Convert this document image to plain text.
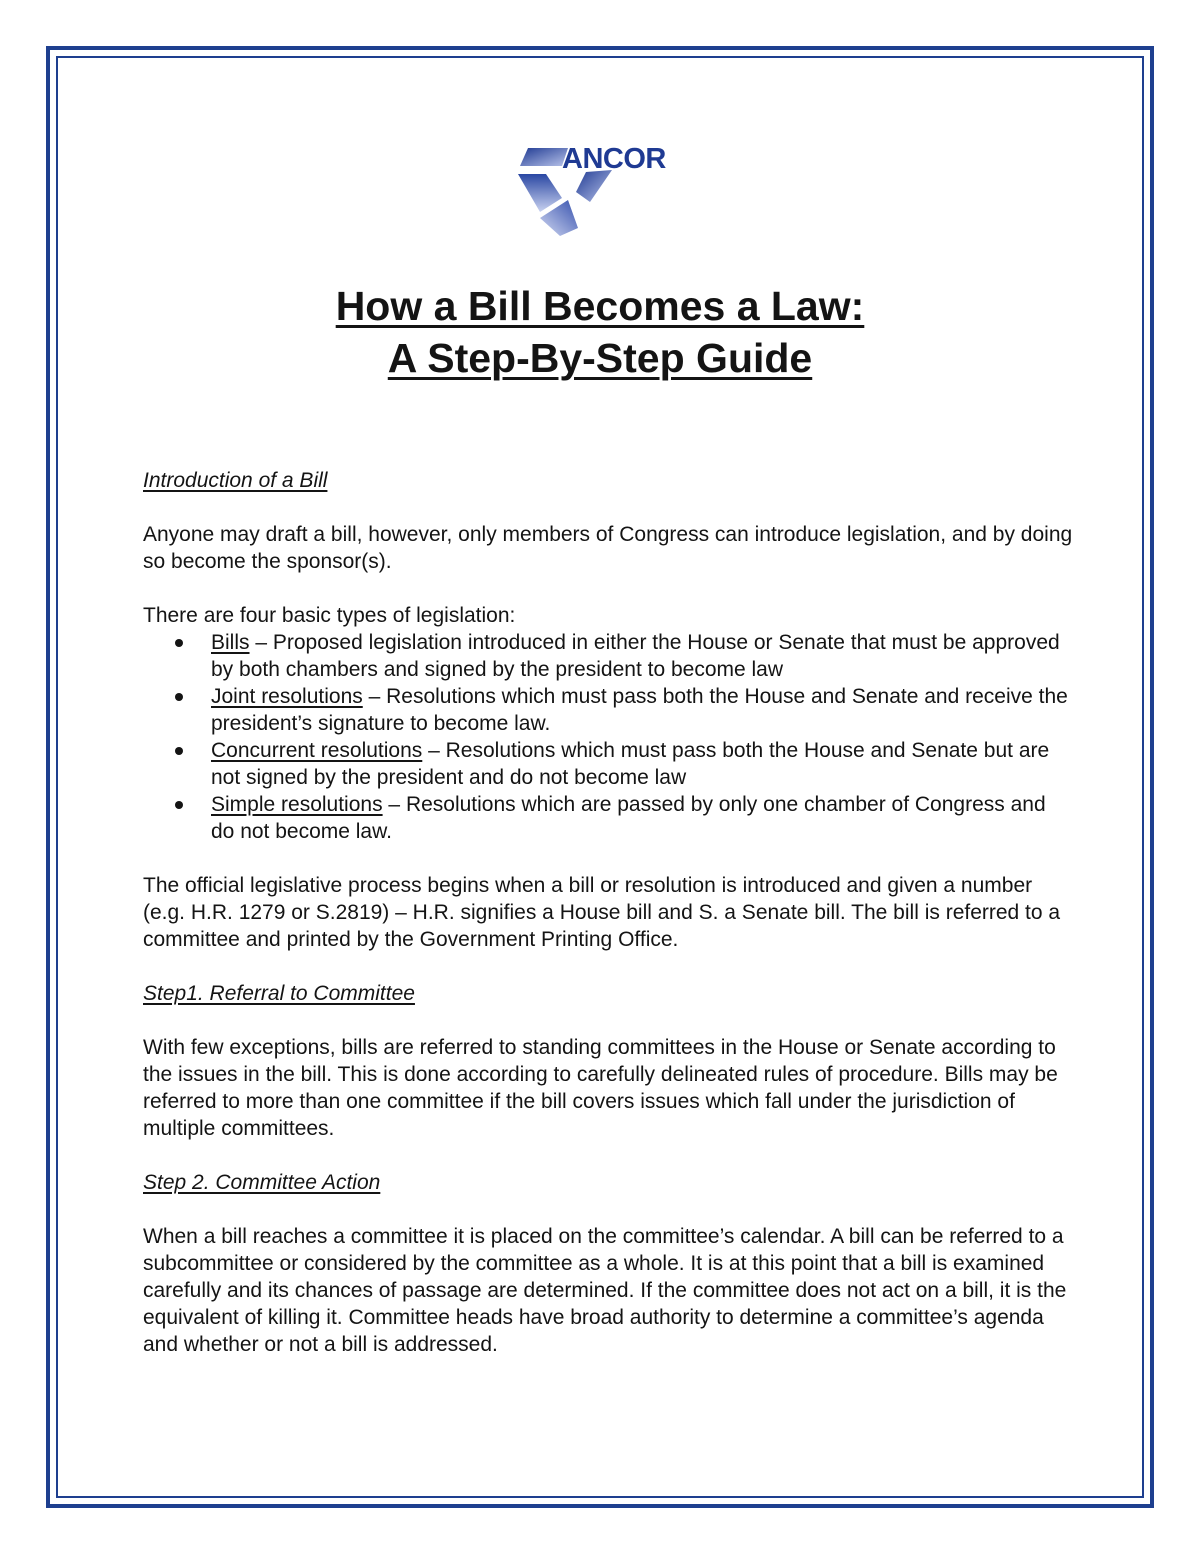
ANCOR
How a Bill Becomes a Law:
A Step-By-Step Guide

Introduction of a Bill

Anyone may draft a bill, however, only members of Congress can introduce legislation, and by doing so become the sponsor(s).

There are four basic types of legislation:

Bills – Proposed legislation introduced in either the House or Senate that must be approved by both chambers and signed by the president to become law
Joint resolutions – Resolutions which must pass both the House and Senate and receive the president’s signature to become law.
Concurrent resolutions – Resolutions which must pass both the House and Senate but are not signed by the president and do not become law
Simple resolutions – Resolutions which are passed by only one chamber of Congress and do not become law.

The official legislative process begins when a bill or resolution is introduced and given a number (e.g. H.R. 1279 or S.2819) – H.R. signifies a House bill and S. a Senate bill. The bill is referred to a committee and printed by the Government Printing Office.

Step1. Referral to Committee

With few exceptions, bills are referred to standing committees in the House or Senate according to the issues in the bill. This is done according to carefully delineated rules of procedure. Bills may be referred to more than one committee if the bill covers issues which fall under the jurisdiction of multiple committees.

Step 2. Committee Action

When a bill reaches a committee it is placed on the committee’s calendar. A bill can be referred to a subcommittee or considered by the committee as a whole. It is at this point that a bill is examined carefully and its chances of passage are determined. If the committee does not act on a bill, it is the equivalent of killing it. Committee heads have broad authority to determine a committee’s agenda and whether or not a bill is addressed.
